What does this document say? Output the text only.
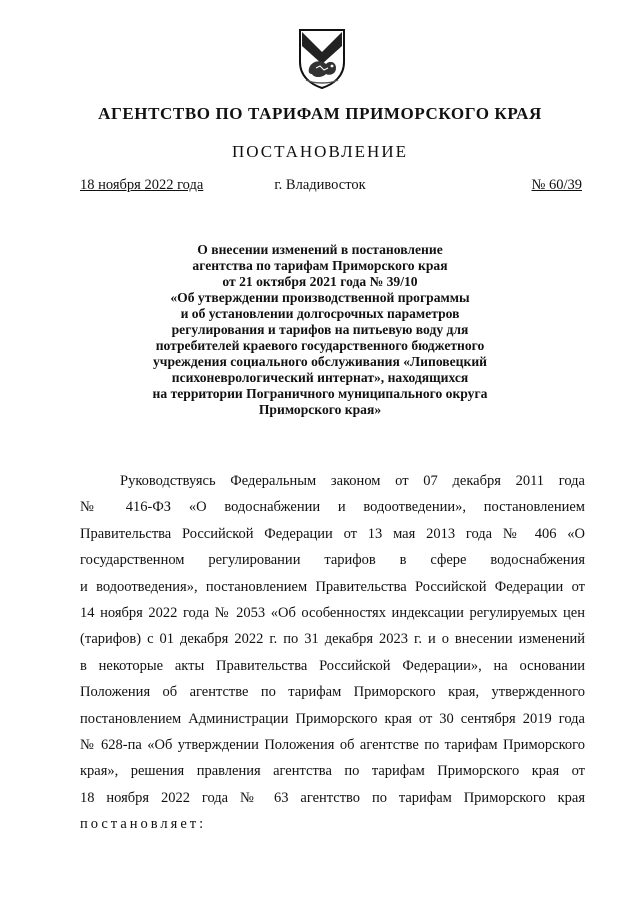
АГЕНТСТВО ПО ТАРИФАМ ПРИМОРСКОГО КРАЯ
ПОСТАНОВЛЕНИЕ
18 ноября 2022 года	г. Владивосток	№ 60/39
О внесении изменений в постановление
агентства по тарифам Приморского края
от 21 октября 2021 года № 39/10
«Об утверждении производственной программы
и об установлении долгосрочных параметров
регулирования и тарифов на питьевую воду для
потребителей краевого государственного бюджетного
учреждения социального обслуживания «Липовецкий
психоневрологический интернат», находящихся
на территории Пограничного муниципального округа
Приморского края»
Руководствуясь Федеральным законом от 07 декабря 2011 года
№ 416-ФЗ «О водоснабжении и водоотведении», постановлением
Правительства Российской Федерации от 13 мая 2013 года № 406 «О
государственном регулировании тарифов в сфере водоснабжения
и водоотведения», постановлением Правительства Российской Федерации от
14 ноября 2022 года № 2053 «Об особенностях индексации регулируемых цен
(тарифов) с 01 декабря 2022 г. по 31 декабря 2023 г. и о внесении изменений
в некоторые акты Правительства Российской Федерации», на основании
Положения об агентстве по тарифам Приморского края, утвержденного
постановлением Администрации Приморского края от 30 сентября 2019 года
№ 628-па «Об утверждении Положения об агентстве по тарифам Приморского
края», решения правления агентства по тарифам Приморского края от
18 ноября 2022 года № 63 агентство по тарифам Приморского края
постановляет:
